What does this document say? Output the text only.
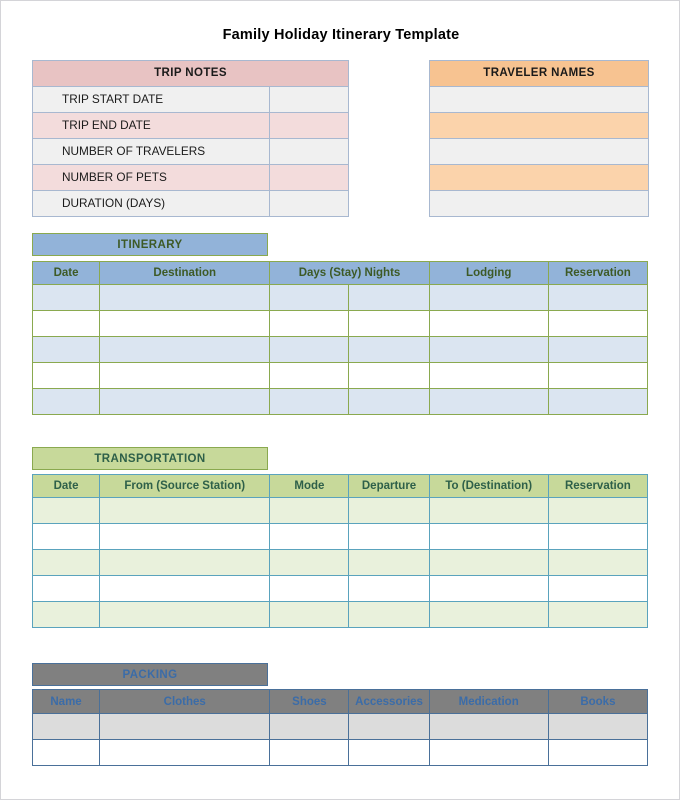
Family Holiday Itinerary Template
TRIP NOTES	
TRIP START DATE	
TRIP END DATE	
NUMBER OF TRAVELERS	
NUMBER OF PETS	
DURATION (DAYS)	
TRAVELER NAMES

ITINERARY
Date	Destination	Days (Stay) Nights		Lodging	Reservation

TRANSPORTATION
Date	From (Source Station)	Mode	Departure	To (Destination)	Reservation

PACKING
Name	Clothes	Shoes	Accessories	Medication	Books
